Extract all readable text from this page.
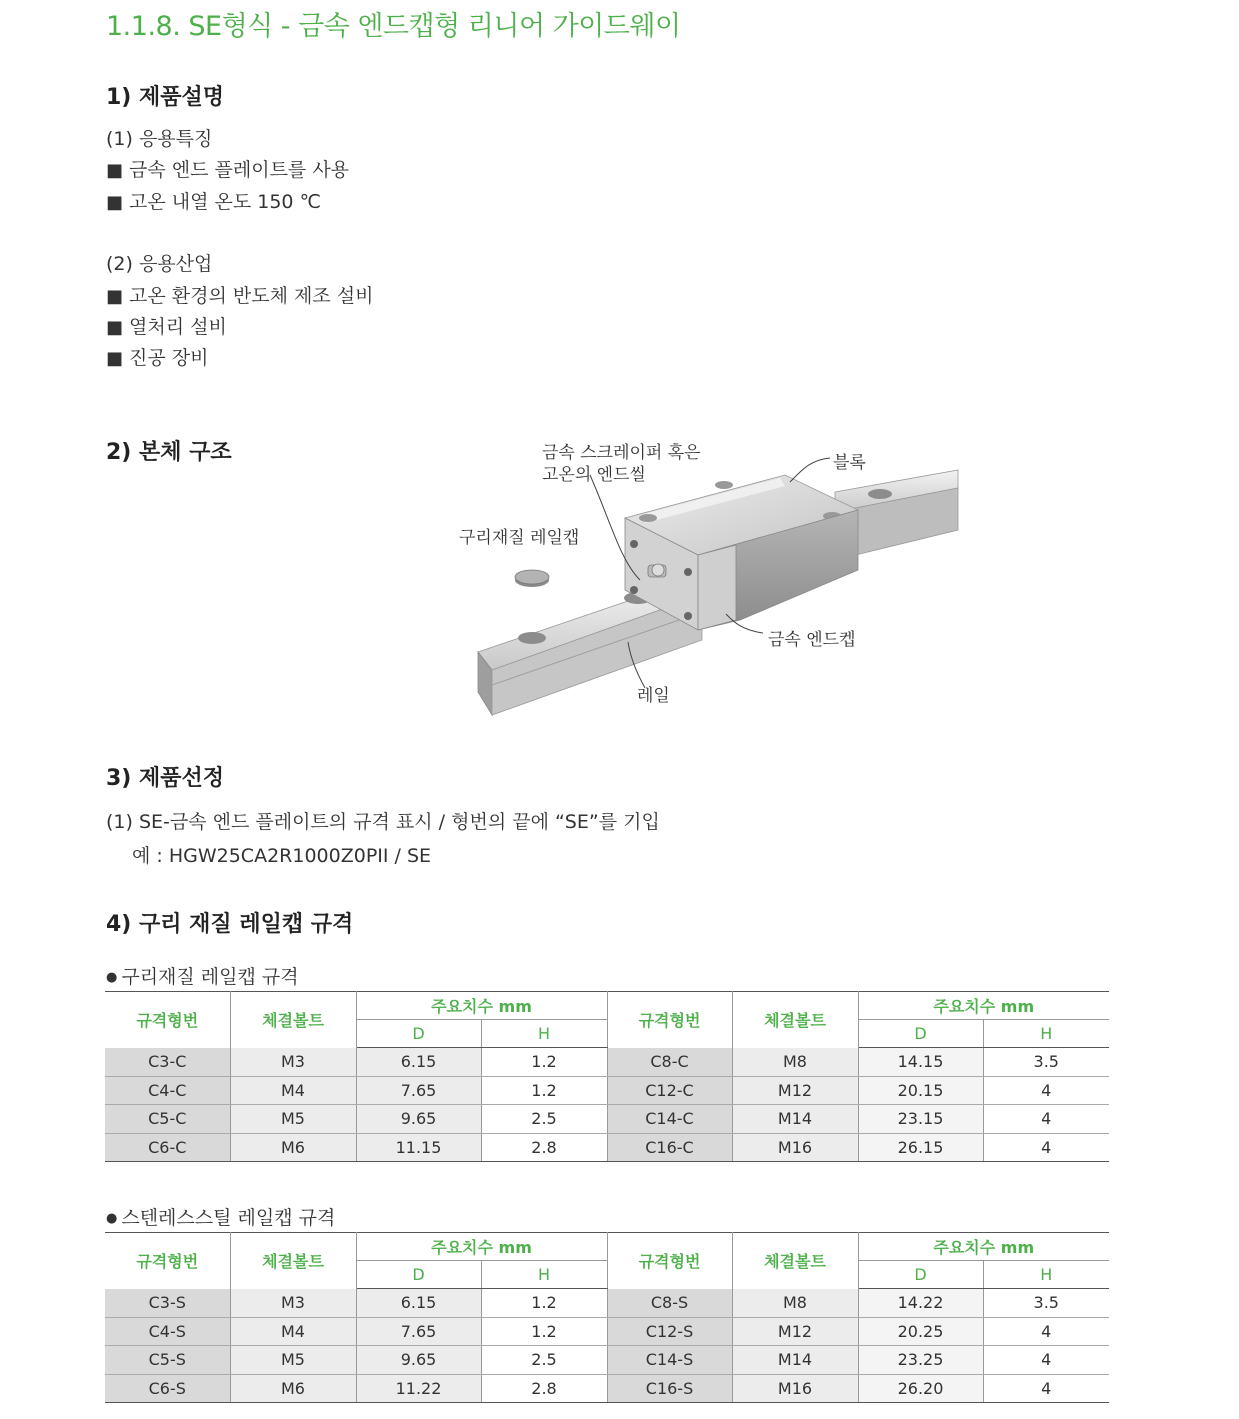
1.1.8. SE형식 - 금속 엔드캡형 리니어 가이드웨이
1) 제품설명
(1) 응용특징
■ 금속 엔드 플레이트를 사용
■ 고온 내열 온도 150 ℃
(2) 응용산업
■ 고온 환경의 반도체 제조 설비
■ 열처리 설비
■ 진공 장비
2) 본체 구조	금속 스크레이퍼 혹은
고온의 엔드씰
블록
구리재질 레일캡
금속 엔드켑
레일
3) 제품선정
(1) SE-금속 엔드 플레이트의 규격 표시 / 형번의 끝에 “SE”를 기입
예 : HGW25CA2R1000Z0PII / SE
4) 구리 재질 레일캡 규격
● 구리재질 레일캡 규격
규격형번	체결볼트	주요치수 mm		규격형번	체결볼트	주요치수 mm	
		D	H			D	H
C3-C	M3	6.15	1.2	C8-C	M8	14.15	3.5
C4-C	M4	7.65	1.2	C12-C	M12	20.15	4
C5-C	M5	9.65	2.5	C14-C	M14	23.15	4
C6-C	M6	11.15	2.8	C16-C	M16	26.15	4
● 스텐레스스틸 레일캡 규격
규격형번	체결볼트	주요치수 mm		규격형번	체결볼트	주요치수 mm	
		D	H			D	H
C3-S	M3	6.15	1.2	C8-S	M8	14.22	3.5
C4-S	M4	7.65	1.2	C12-S	M12	20.25	4
C5-S	M5	9.65	2.5	C14-S	M14	23.25	4
C6-S	M6	11.22	2.8	C16-S	M16	26.20	4
